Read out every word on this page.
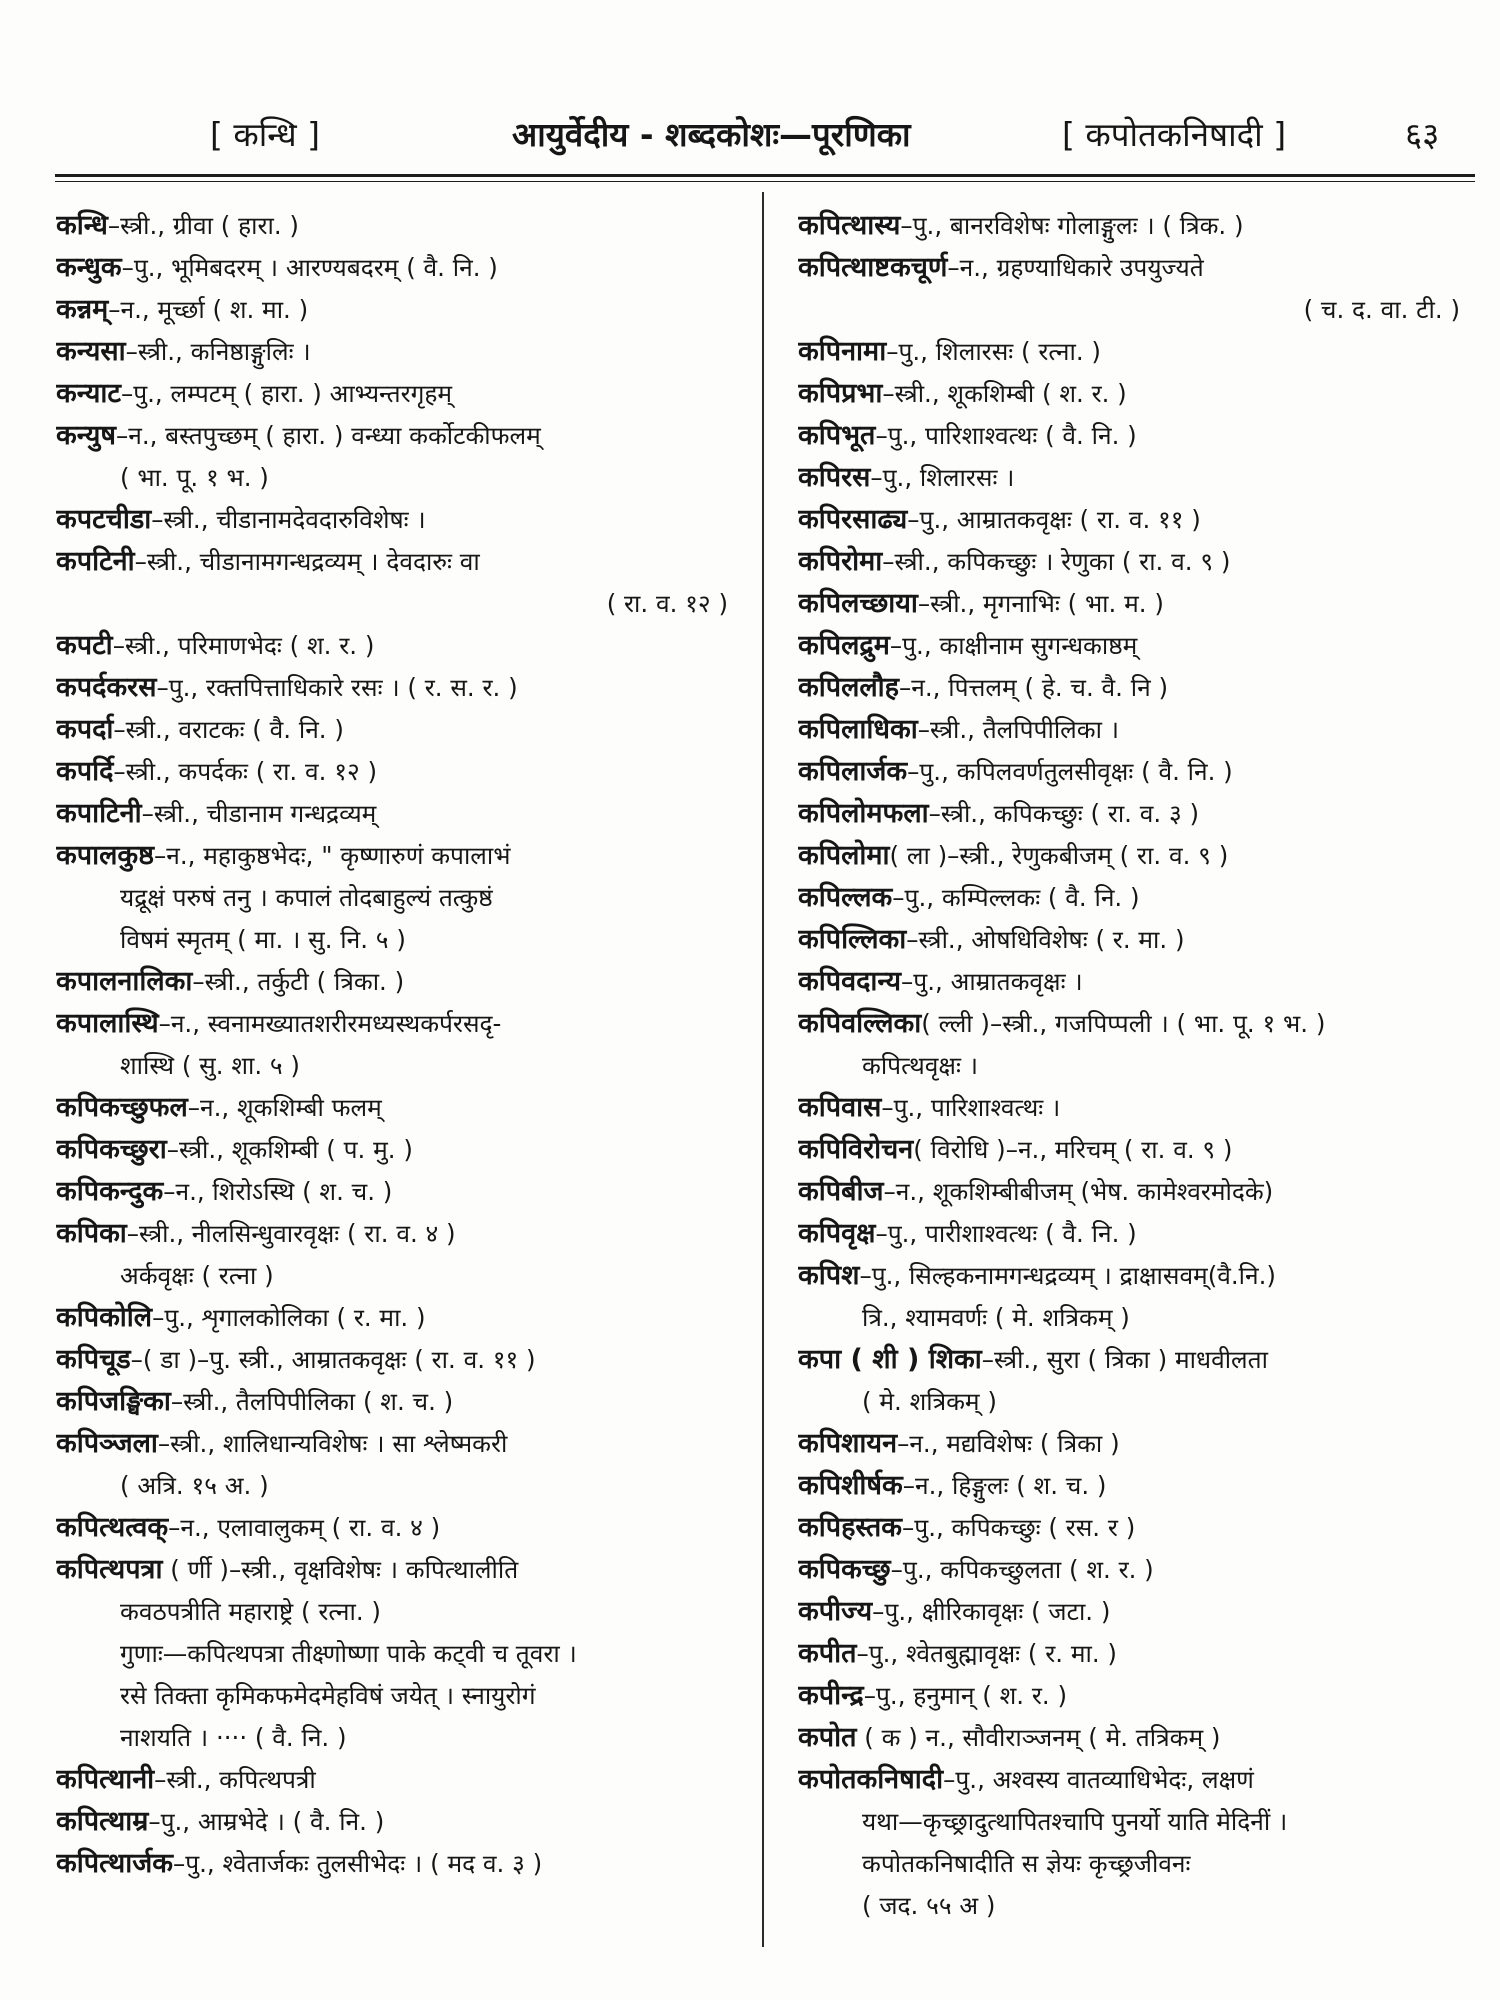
[ कन्धि ]	आयुर्वेदीय - शब्दकोशः—पूरणिका	[ कपोतकनिषादी ]	६३
कन्धि–स्त्री., ग्रीवा ( हारा. )
कन्धुक–पु., भूमिबदरम् । आरण्यबदरम् ( वै. नि. )
कन्नम्–न., मूर्च्छा ( श. मा. )
कन्यसा–स्त्री., कनिष्ठाङ्गुलिः ।
कन्याट–पु., लम्पटम् ( हारा. ) आभ्यन्तरगृहम्
कन्युष–न., बस्तपुच्छम् ( हारा. ) वन्ध्या कर्कोटकीफलम्
( भा. पू. १ भ. )
कपटचीडा–स्त्री., चीडानामदेवदारुविशेषः ।
कपटिनी–स्त्री., चीडानामगन्धद्रव्यम् । देवदारुः वा
( रा. व. १२ )
कपटी–स्त्री., परिमाणभेदः ( श. र. )
कपर्दकरस–पु., रक्तपित्ताधिकारे रसः । ( र. स. र. )
कपर्दा–स्त्री., वराटकः ( वै. नि. )
कपर्दि–स्त्री., कपर्दकः ( रा. व. १२ )
कपाटिनी–स्त्री., चीडानाम गन्धद्रव्यम्
कपालकुष्ठ–न., महाकुष्ठभेदः, " कृष्णारुणं कपालाभं
यद्रूक्षं परुषं तनु । कपालं तोदबाहुल्यं तत्कुष्ठं
विषमं स्मृतम् ( मा. । सु. नि. ५ )
कपालनालिका–स्त्री., तर्कुटी ( त्रिका. )
कपालास्थि–न., स्वनामख्यातशरीरमध्यस्थकर्परसदृ-
शास्थि ( सु. शा. ५ )
कपिकच्छुफल–न., शूकशिम्बी फलम्
कपिकच्छुरा–स्त्री., शूकशिम्बी ( प. मु. )
कपिकन्दुक–न., शिरोऽस्थि ( श. च. )
कपिका–स्त्री., नीलसिन्धुवारवृक्षः ( रा. व. ४ )
अर्कवृक्षः ( रत्ना )
कपिकोलि–पु., शृगालकोलिका ( र. मा. )
कपिचूड–( डा )–पु. स्त्री., आम्रातकवृक्षः ( रा. व. ११ )
कपिजङ्घिका–स्त्री., तैलपिपीलिका ( श. च. )
कपिञ्जला–स्त्री., शालिधान्यविशेषः । सा श्लेष्मकरी
( अत्रि. १५ अ. )
कपित्थत्वक्–न., एलावालुकम् ( रा. व. ४ )
कपित्थपत्रा ( र्णी )–स्त्री., वृक्षविशेषः । कपित्थालीति
कवठपत्रीति महाराष्ट्रे ( रत्ना. )
गुणाः—कपित्थपत्रा तीक्ष्णोष्णा पाके कट्वी च तूवरा ।
रसे तिक्ता कृमिकफमेदमेहविषं जयेत् । स्नायुरोगं
नाशयति । ···· ( वै. नि. )
कपित्थानी–स्त्री., कपित्थपत्री
कपित्थाम्र–पु., आम्रभेदे । ( वै. नि. )
कपित्थार्जक–पु., श्वेतार्जकः तुलसीभेदः । ( मद व. ३ )
कपित्थास्य–पु., बानरविशेषः गोलाङ्गुलः । ( त्रिक. )
कपित्थाष्टकचूर्ण–न., ग्रहण्याधिकारे उपयुज्यते
( च. द. वा. टी. )
कपिनामा–पु., शिलारसः ( रत्ना. )
कपिप्रभा–स्त्री., शूकशिम्बी ( श. र. )
कपिभूत–पु., पारिशाश्वत्थः ( वै. नि. )
कपिरस–पु., शिलारसः ।
कपिरसाढ्य–पु., आम्रातकवृक्षः ( रा. व. ११ )
कपिरोमा–स्त्री., कपिकच्छुः । रेणुका ( रा. व. ९ )
कपिलच्छाया–स्त्री., मृगनाभिः ( भा. म. )
कपिलद्रुम–पु., काक्षीनाम सुगन्धकाष्ठम्
कपिललौह–न., पित्तलम् ( हे. च. वै. नि )
कपिलाधिका–स्त्री., तैलपिपीलिका ।
कपिलार्जक–पु., कपिलवर्णतुलसीवृक्षः ( वै. नि. )
कपिलोमफला–स्त्री., कपिकच्छुः ( रा. व. ३ )
कपिलोमा( ला )–स्त्री., रेणुकबीजम् ( रा. व. ९ )
कपिल्लक–पु., कम्पिल्लकः ( वै. नि. )
कपिल्लिका–स्त्री., ओषधिविशेषः ( र. मा. )
कपिवदान्य–पु., आम्रातकवृक्षः ।
कपिवल्लिका( ल्ली )–स्त्री., गजपिप्पली । ( भा. पू. १ भ. )
कपित्थवृक्षः ।
कपिवास–पु., पारिशाश्वत्थः ।
कपिविरोचन( विरोधि )–न., मरिचम् ( रा. व. ९ )
कपिबीज–न., शूकशिम्बीबीजम् (भेष. कामेश्वरमोदके)
कपिवृक्ष–पु., पारीशाश्वत्थः ( वै. नि. )
कपिश–पु., सिल्हकनामगन्धद्रव्यम् । द्राक्षासवम्(वै.नि.)
त्रि., श्यामवर्णः ( मे. शत्रिकम् )
कपा ( शी ) शिका–स्त्री., सुरा ( त्रिका ) माधवीलता
( मे. शत्रिकम् )
कपिशायन–न., मद्यविशेषः ( त्रिका )
कपिशीर्षक–न., हिङ्गुलः ( श. च. )
कपिहस्तक–पु., कपिकच्छुः ( रस. र )
कपिकच्छु–पु., कपिकच्छुलता ( श. र. )
कपीज्य–पु., क्षीरिकावृक्षः ( जटा. )
कपीत–पु., श्वेतबुह्मावृक्षः ( र. मा. )
कपीन्द्र–पु., हनुमान् ( श. र. )
कपोत ( क ) न., सौवीराञ्जनम् ( मे. तत्रिकम् )
कपोतकनिषादी–पु., अश्वस्य वातव्याधिभेदः, लक्षणं
यथा—कृच्छ्रादुत्थापितश्चापि पुनर्यो याति मेदिनीं ।
कपोतकनिषादीति स ज्ञेयः कृच्छ्रजीवनः
( जद. ५५ अ )
